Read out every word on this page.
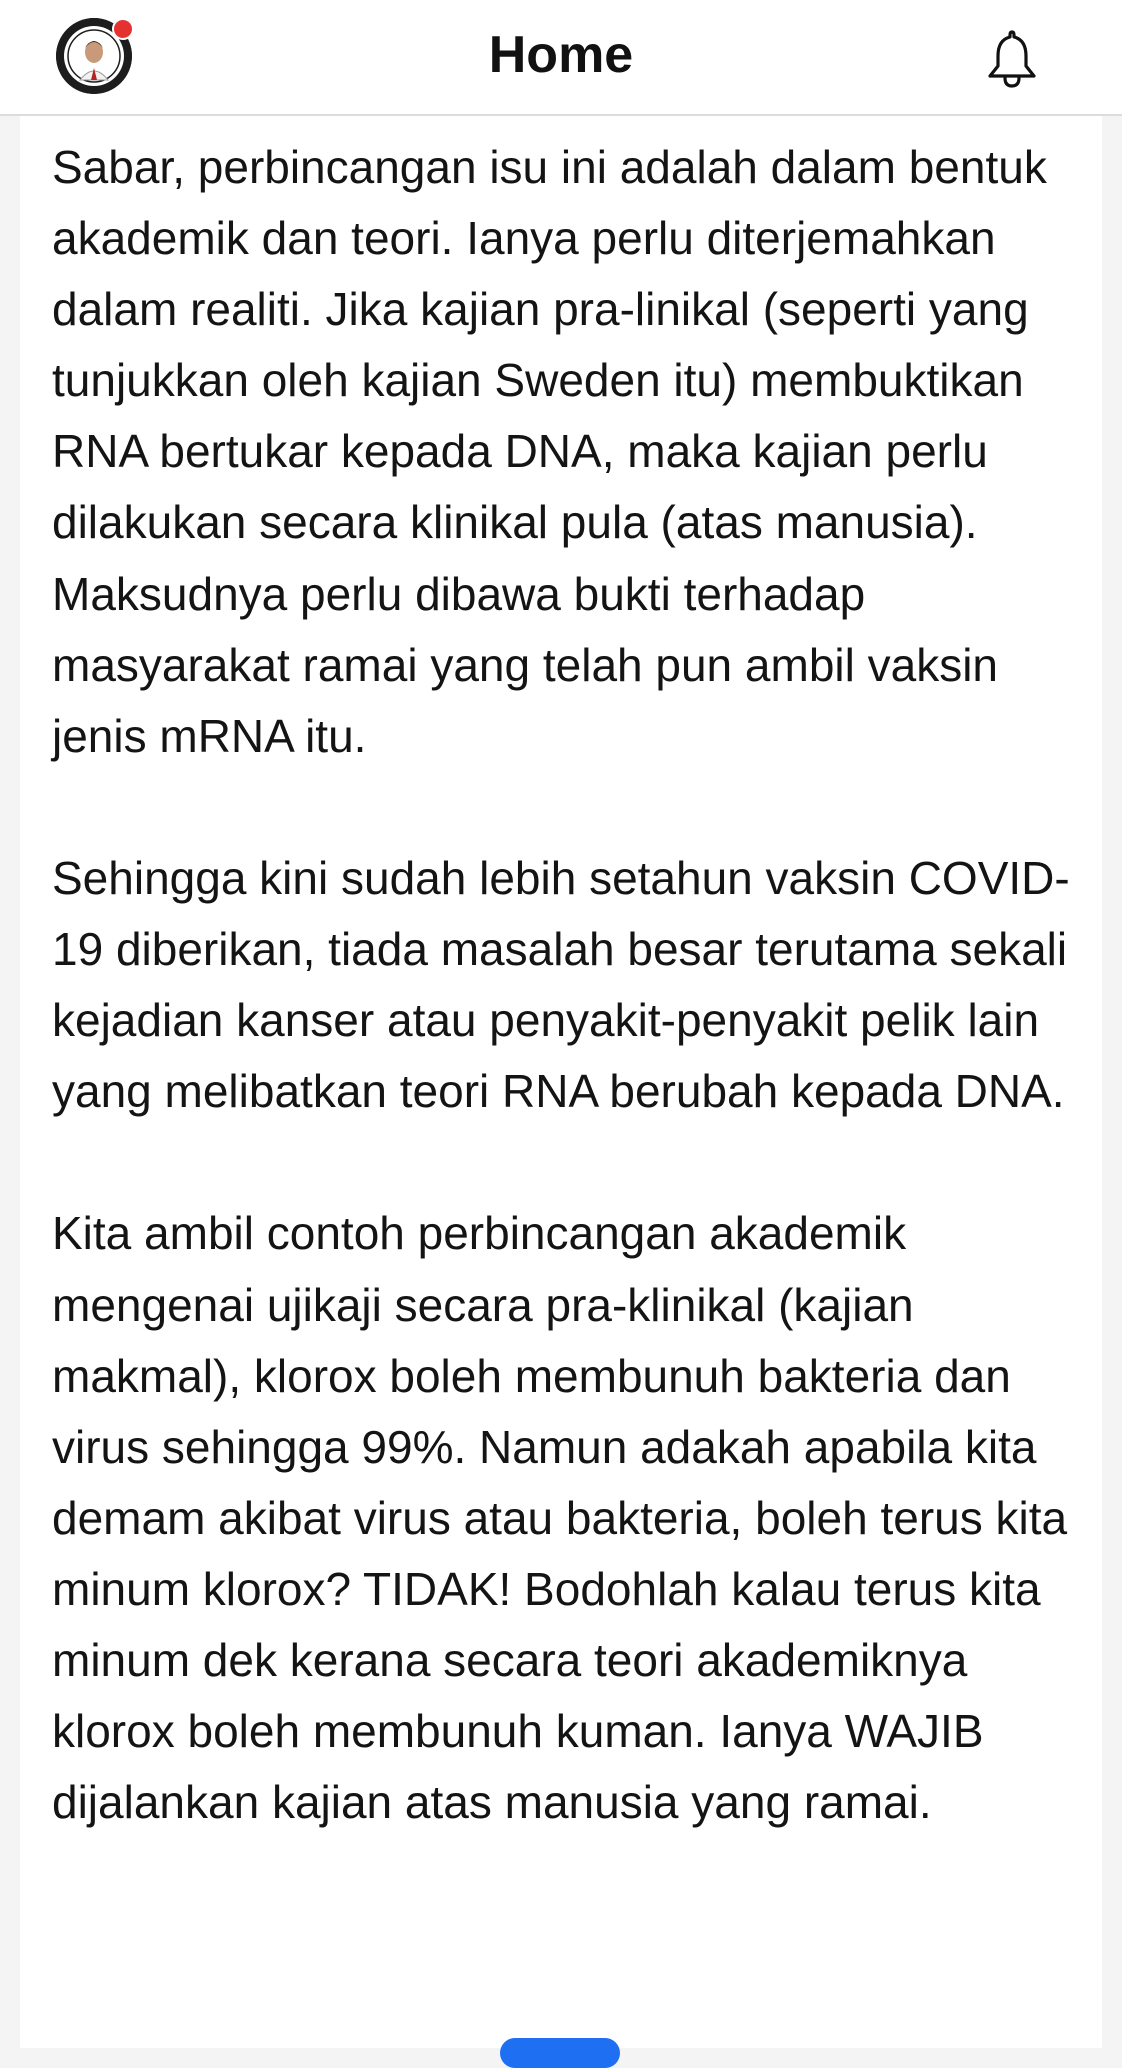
Home

Sabar, perbincangan isu ini adalah dalam bentuk akademik dan teori. Ianya perlu diterjemahkan dalam realiti. Jika kajian pra-linikal (seperti yang tunjukkan oleh kajian Sweden itu) membuktikan RNA bertukar kepada DNA, maka kajian perlu dilakukan secara klinikal pula (atas manusia). Maksudnya perlu dibawa bukti terhadap masyarakat ramai yang telah pun ambil vaksin jenis mRNA itu.

Sehingga kini sudah lebih setahun vaksin COVID-19 diberikan, tiada masalah besar terutama sekali kejadian kanser atau penyakit-penyakit pelik lain yang melibatkan teori RNA berubah kepada DNA.

Kita ambil contoh perbincangan akademik mengenai ujikaji secara pra-klinikal (kajian makmal), klorox boleh membunuh bakteria dan virus sehingga 99%. Namun adakah apabila kita demam akibat virus atau bakteria, boleh terus kita minum klorox? TIDAK! Bodohlah kalau terus kita minum dek kerana secara teori akademiknya klorox boleh membunuh kuman. Ianya WAJIB dijalankan kajian atas manusia yang ramai.
